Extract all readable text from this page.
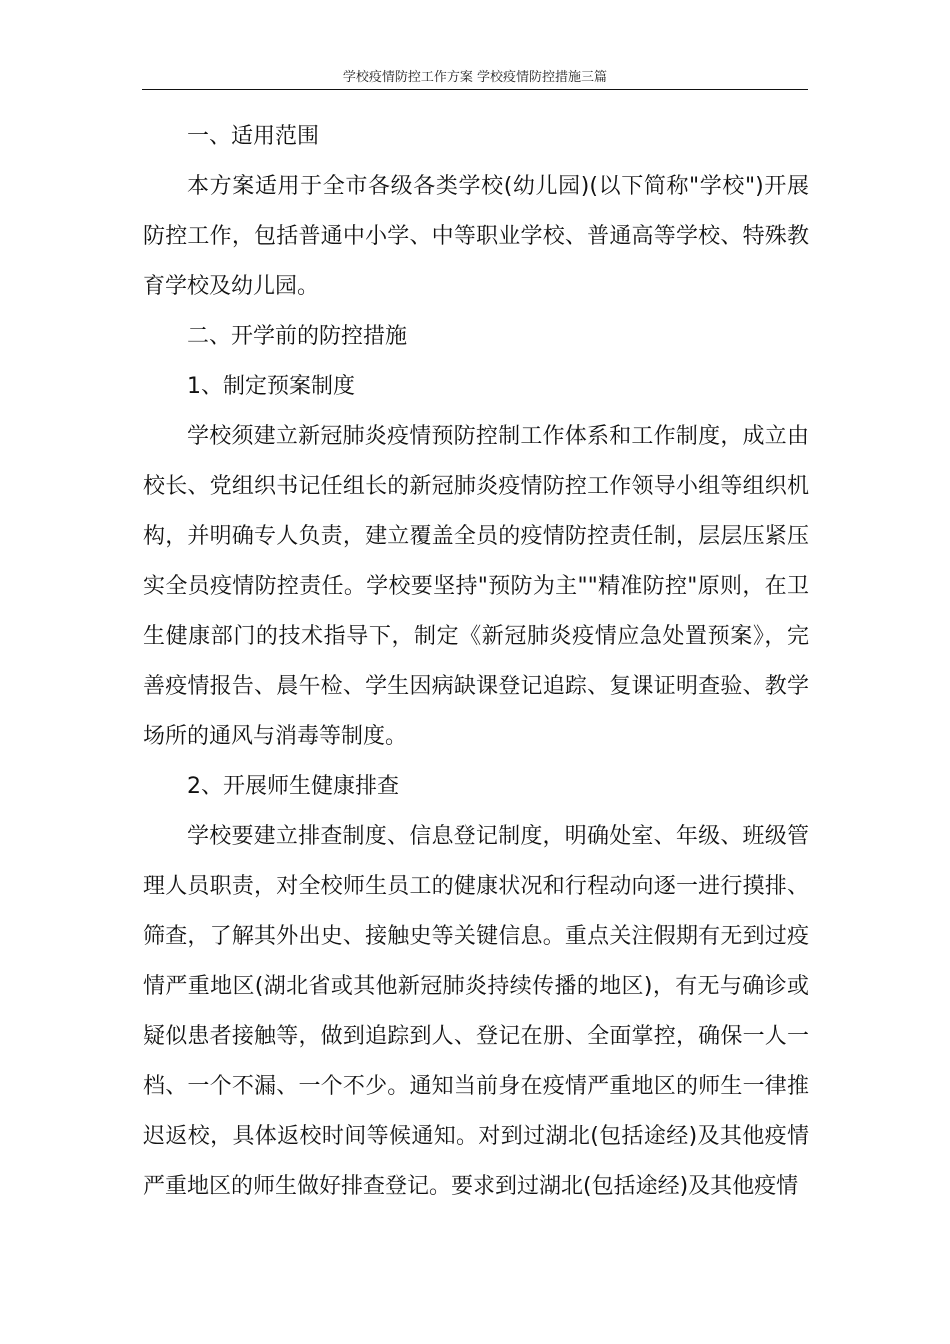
学校疫情防控工作方案 学校疫情防控措施三篇

一、适用范围

本方案适用于全市各级各类学校(幼儿园)(以下简称"学校")开展防控工作，包括普通中小学、中等职业学校、普通高等学校、特殊教育学校及幼儿园。

二、开学前的防控措施

1、制定预案制度

学校须建立新冠肺炎疫情预防控制工作体系和工作制度，成立由校长、党组织书记任组长的新冠肺炎疫情防控工作领导小组等组织机构，并明确专人负责，建立覆盖全员的疫情防控责任制，层层压紧压实全员疫情防控责任。学校要坚持"预防为主""精准防控"原则，在卫生健康部门的技术指导下，制定《新冠肺炎疫情应急处置预案》，完善疫情报告、晨午检、学生因病缺课登记追踪、复课证明查验、教学场所的通风与消毒等制度。

2、开展师生健康排查

学校要建立排查制度、信息登记制度，明确处室、年级、班级管理人员职责，对全校师生员工的健康状况和行程动向逐一进行摸排、筛查，了解其外出史、接触史等关键信息。重点关注假期有无到过疫情严重地区(湖北省或其他新冠肺炎持续传播的地区)，有无与确诊或疑似患者接触等，做到追踪到人、登记在册、全面掌控，确保一人一档、一个不漏、一个不少。通知当前身在疫情严重地区的师生一律推迟返校，具体返校时间等候通知。对到过湖北(包括途经)及其他疫情严重地区的师生做好排查登记。要求到过湖北(包括途经)及其他疫情
